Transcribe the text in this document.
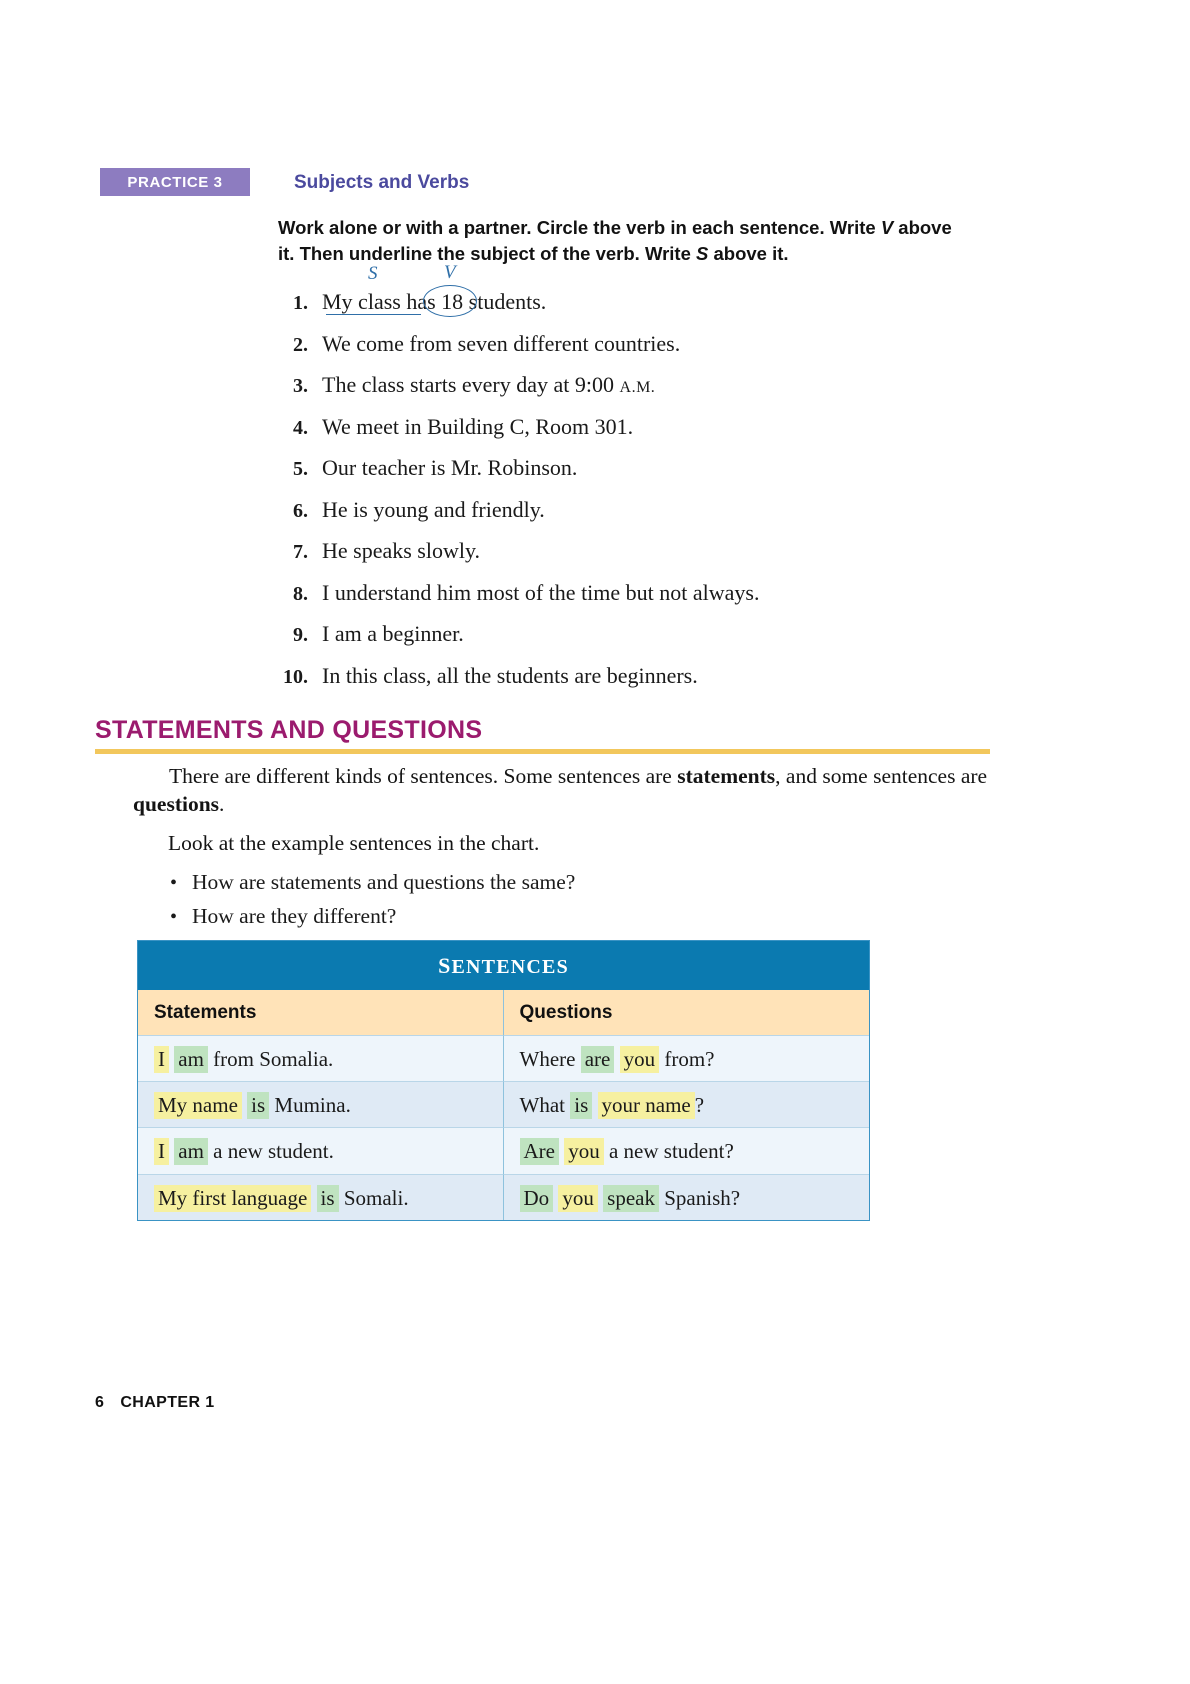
PRACTICE 3	Subjects and Verbs
Work alone or with a partner. Circle the verb in each sentence. Write V above it. Then underline the subject of the verb. Write S above it.
1.
S	V
My class has 18 students.
2. We come from seven different countries.
3. The class starts every day at 9:00 A.M.
4. We meet in Building C, Room 301.
5. Our teacher is Mr. Robinson.
6. He is young and friendly.
7. He speaks slowly.
8. I understand him most of the time but not always.
9. I am a beginner.
10. In this class, all the students are beginners.
STATEMENTS AND QUESTIONS
There are different kinds of sentences. Some sentences are statements, and some sentences are questions.
Look at the example sentences in the chart.
• How are statements and questions the same?
• How are they different?
SENTENCES
Statements	Questions
I am from Somalia.	Where are you from?
My name is Mumina.	What is your name ?
I am a new student.	Are you a new student?
My first language is Somali.	Do you speak Spanish?
6 CHAPTER 1
